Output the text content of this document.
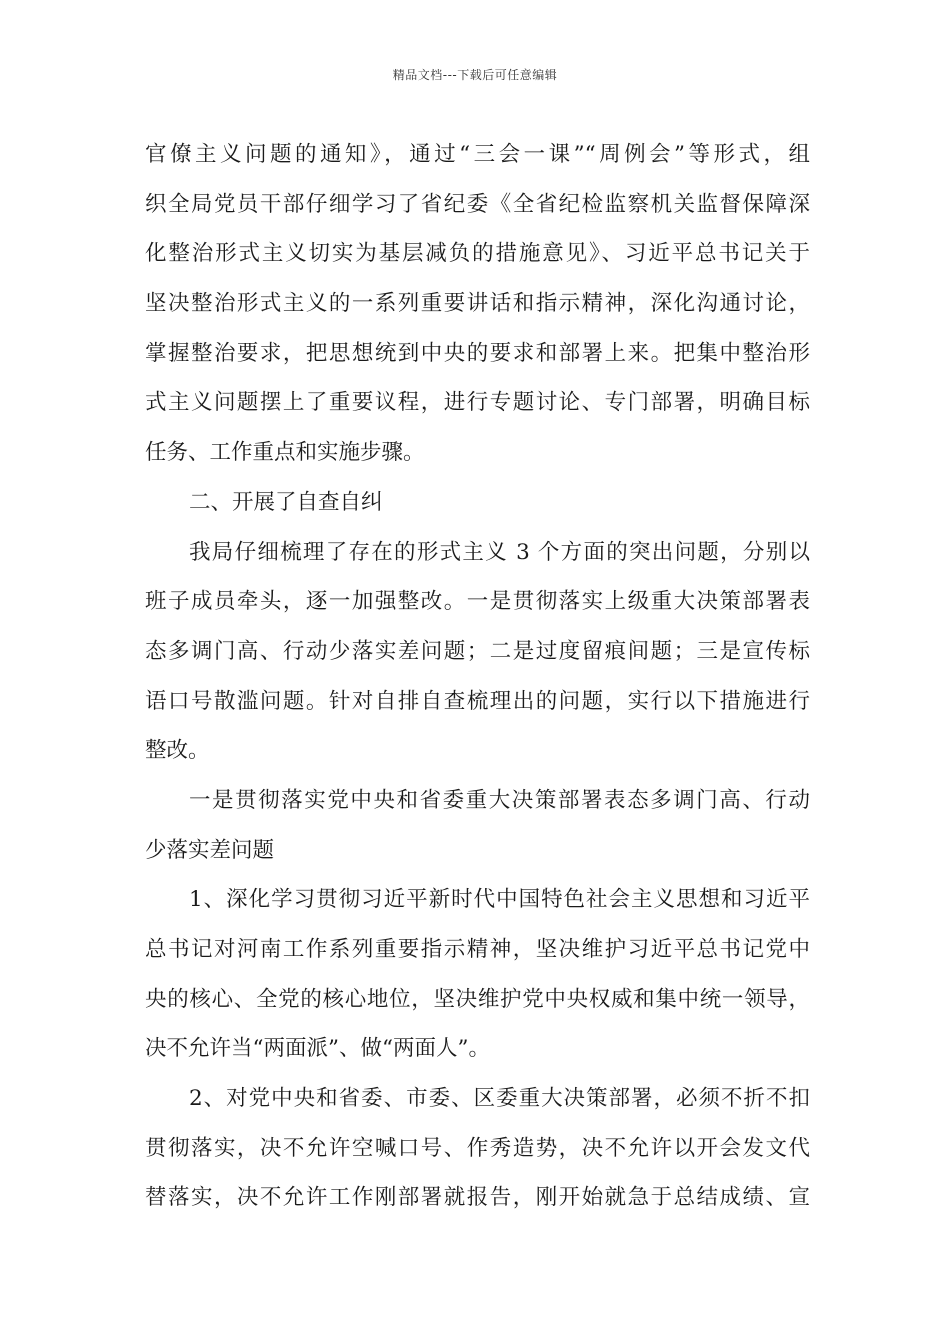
精品文档---下载后可任意编辑
官僚主义问题的通知》，通过“三会一课”“周例会”等形式，组
织全局党员干部仔细学习了省纪委《全省纪检监察机关监督保障深
化整治形式主义切实为基层减负的措施意见》、习近平总书记关于
坚决整治形式主义的一系列重要讲话和指示精神，深化沟通讨论，
掌握整治要求，把思想统到中央的要求和部署上来。把集中整治形
式主义问题摆上了重要议程，进行专题讨论、专门部署，明确目标
任务、工作重点和实施步骤。
二、开展了自查自纠
我局仔细梳理了存在的形式主义 3 个方面的突出问题，分别以
班子成员牵头，逐一加强整改。一是贯彻落实上级重大决策部署表
态多调门高、行动少落实差问题；二是过度留痕间题；三是宣传标
语口号散滥问题。针对自排自查梳理出的问题，实行以下措施进行
整改。
一是贯彻落实党中央和省委重大决策部署表态多调门高、行动
少落实差问题
1、深化学习贯彻习近平新时代中国特色社会主义思想和习近平
总书记对河南工作系列重要指示精神，坚决维护习近平总书记党中
央的核心、全党的核心地位，坚决维护党中央权威和集中统一领导，
决不允许当“两面派”、做“两面人”。
2、对党中央和省委、市委、区委重大决策部署，必须不折不扣
贯彻落实，决不允许空喊口号、作秀造势，决不允许以开会发文代
替落实，决不允许工作刚部署就报告，刚开始就急于总结成绩、宣
